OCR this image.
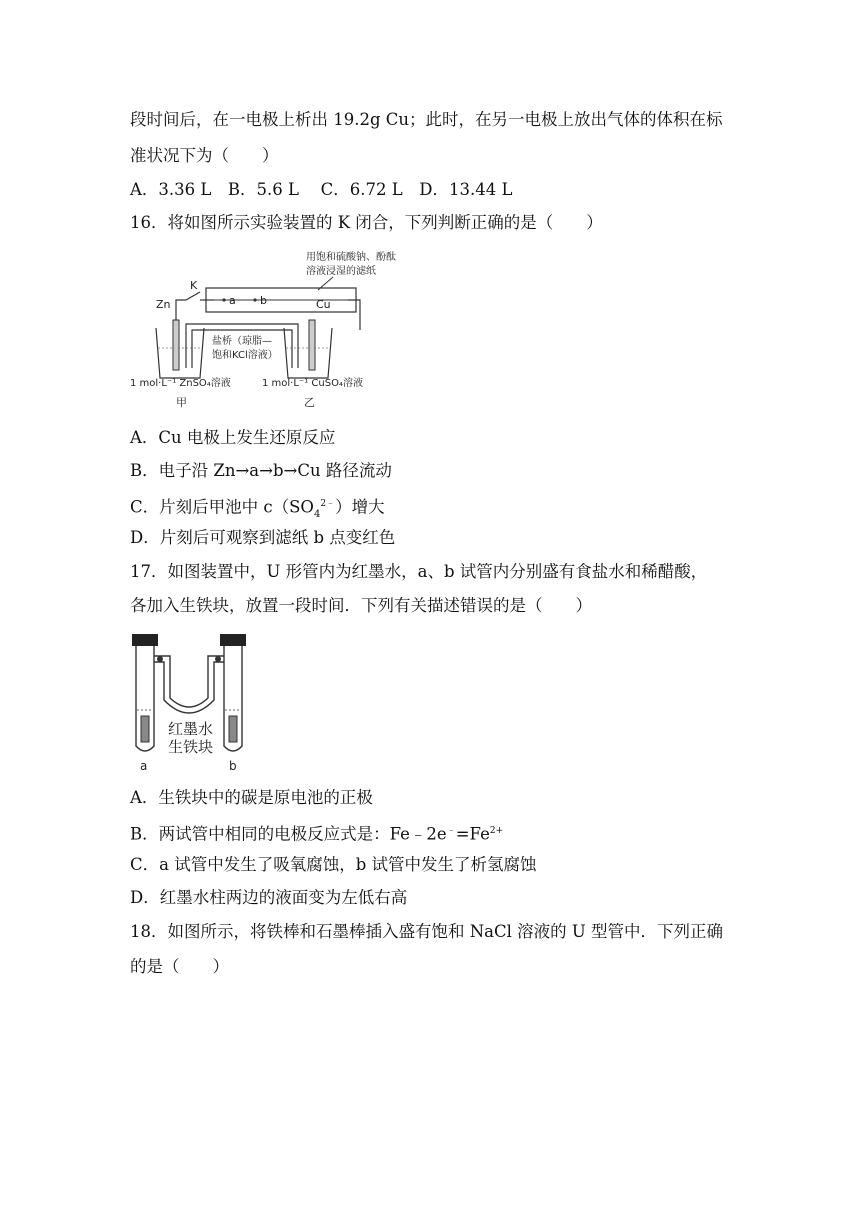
段时间后，在一电极上析出 19.2g Cu；此时，在另一电极上放出气体的体积在标
准状况下为（　　）
A．3.36 L　B．5.6 L　 C．6.72 L　D．13.44 L
16．将如图所示实验装置的 K 闭合，下列判断正确的是（　　）
用饱和硫酸钠、酚酞
溶液浸湿的滤纸
K
a b
Zn	Cu
盐桥（琼脂—
饱和KCl溶液）
1 mol·L⁻¹ ZnSO₄溶液	1 mol·L⁻¹ CuSO₄溶液
甲	乙
A．Cu 电极上发生还原反应
B．电子沿 Zn→a→b→Cu 路径流动
C．片刻后甲池中 $c(SO_4^{2﹣})$增大
D．片刻后可观察到滤纸 b 点变红色
17．如图装置中，U 形管内为红墨水，a、b 试管内分别盛有食盐水和稀醋酸，
各加入生铁块，放置一段时间．下列有关描述错误的是（　　）
红墨水
生铁块
a	b
A．生铁块中的碳是原电池的正极
B．两试管中相同的电极反应式是：$Fe﹣2e^﹣=Fe^{2+}$
C．a 试管中发生了吸氧腐蚀，b 试管中发生了析氢腐蚀
D．红墨水柱两边的液面变为左低右高
18．如图所示，将铁棒和石墨棒插入盛有饱和 NaCl 溶液的 U 型管中．下列正确
的是（　　）
